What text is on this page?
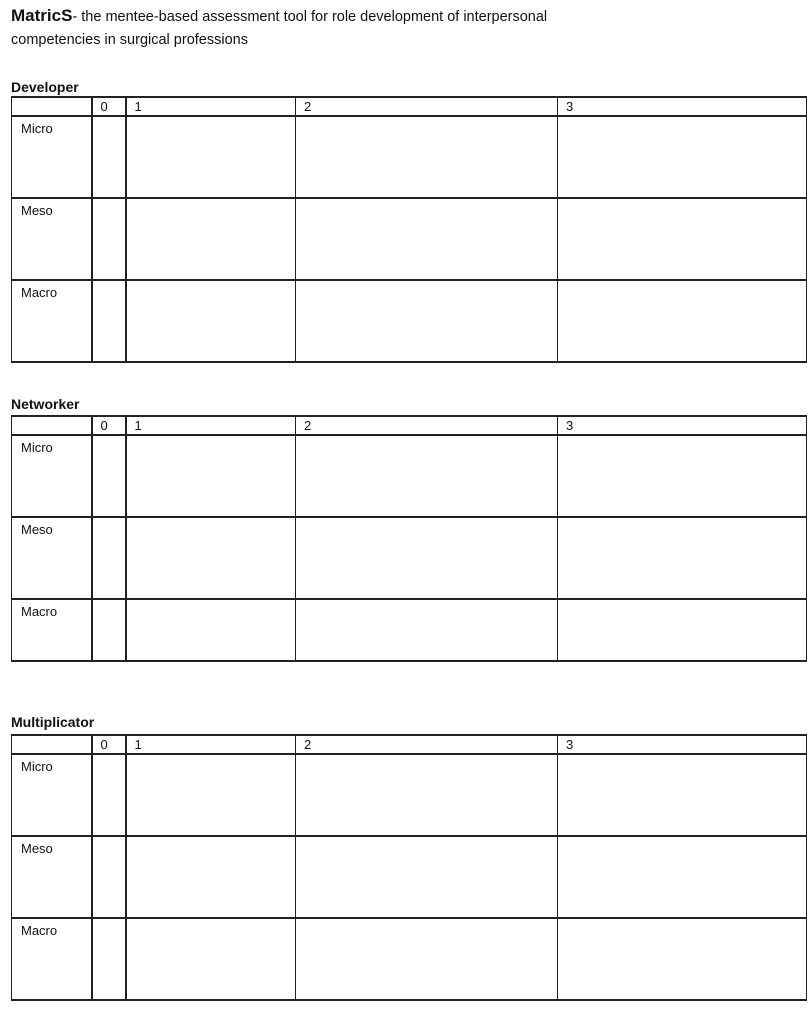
MatricS- the mentee-based assessment tool for role development of interpersonal
competencies in surgical professions
Developer
	0	1	2	3
Micro				
Meso				
Macro				
Networker
	0	1	2	3
Micro				
Meso				
Macro				
Multiplicator
	0	1	2	3
Micro				
Meso				
Macro				
